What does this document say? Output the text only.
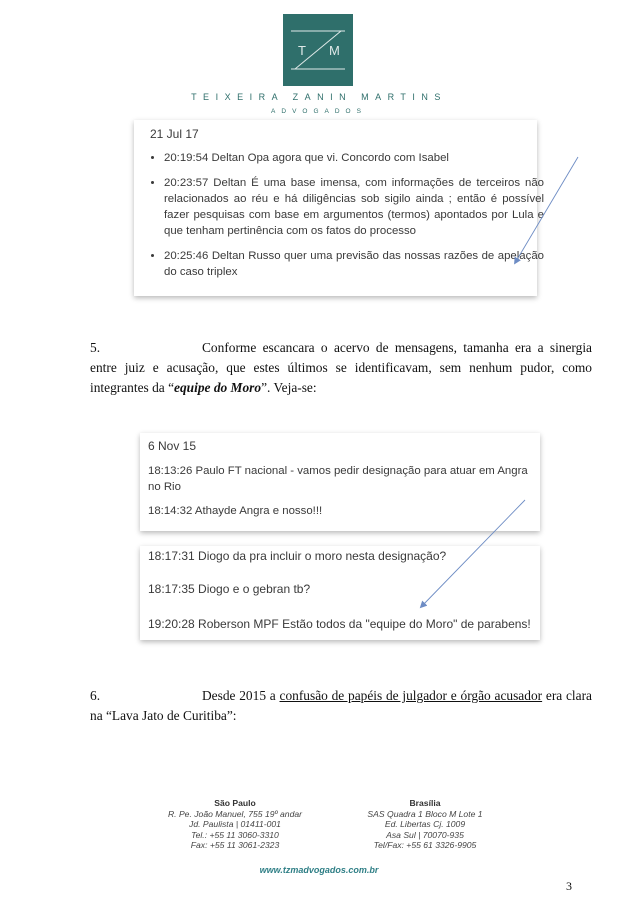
T M
TEIXEIRA ZANIN MARTINS
ADVOGADOS
21 Jul 17
• 20:19:54 Deltan Opa agora que vi. Concordo com Isabel
• 20:23:57 Deltan É uma base imensa, com informações de terceiros não relacionados ao réu e há diligências sob sigilo ainda ; então é possível fazer pesquisas com base em argumentos (termos) apontados por Lula e que tenham pertinência com os fatos do processo
• 20:25:46 Deltan Russo quer uma previsão das nossas razões de apelação do caso triplex
5.	Conforme escancara o acervo de mensagens, tamanha era a sinergia entre juiz e acusação, que estes últimos se identificavam, sem nenhum pudor, como integrantes da “equipe do Moro”. Veja-se:
6 Nov 15
18:13:26 Paulo FT nacional - vamos pedir designação para atuar em Angra no Rio
18:14:32 Athayde Angra e nosso!!!
18:17:31 Diogo da pra incluir o moro nesta designação?
18:17:35 Diogo e o gebran tb?
19:20:28 Roberson MPF Estão todos da "equipe do Moro" de parabens!
6.	Desde 2015 a confusão de papéis de julgador e órgão acusador era clara na “Lava Jato de Curitiba”:
São Paulo
R. Pe. João Manuel, 755 19º andar
Jd. Paulista | 01411-001
Tel.: +55 11 3060-3310
Fax: +55 11 3061-2323
Brasília
SAS Quadra 1 Bloco M Lote 1
Ed. Libertas Cj. 1009
Asa Sul | 70070-935
Tel/Fax: +55 61 3326-9905
www.tzmadvogados.com.br
3
